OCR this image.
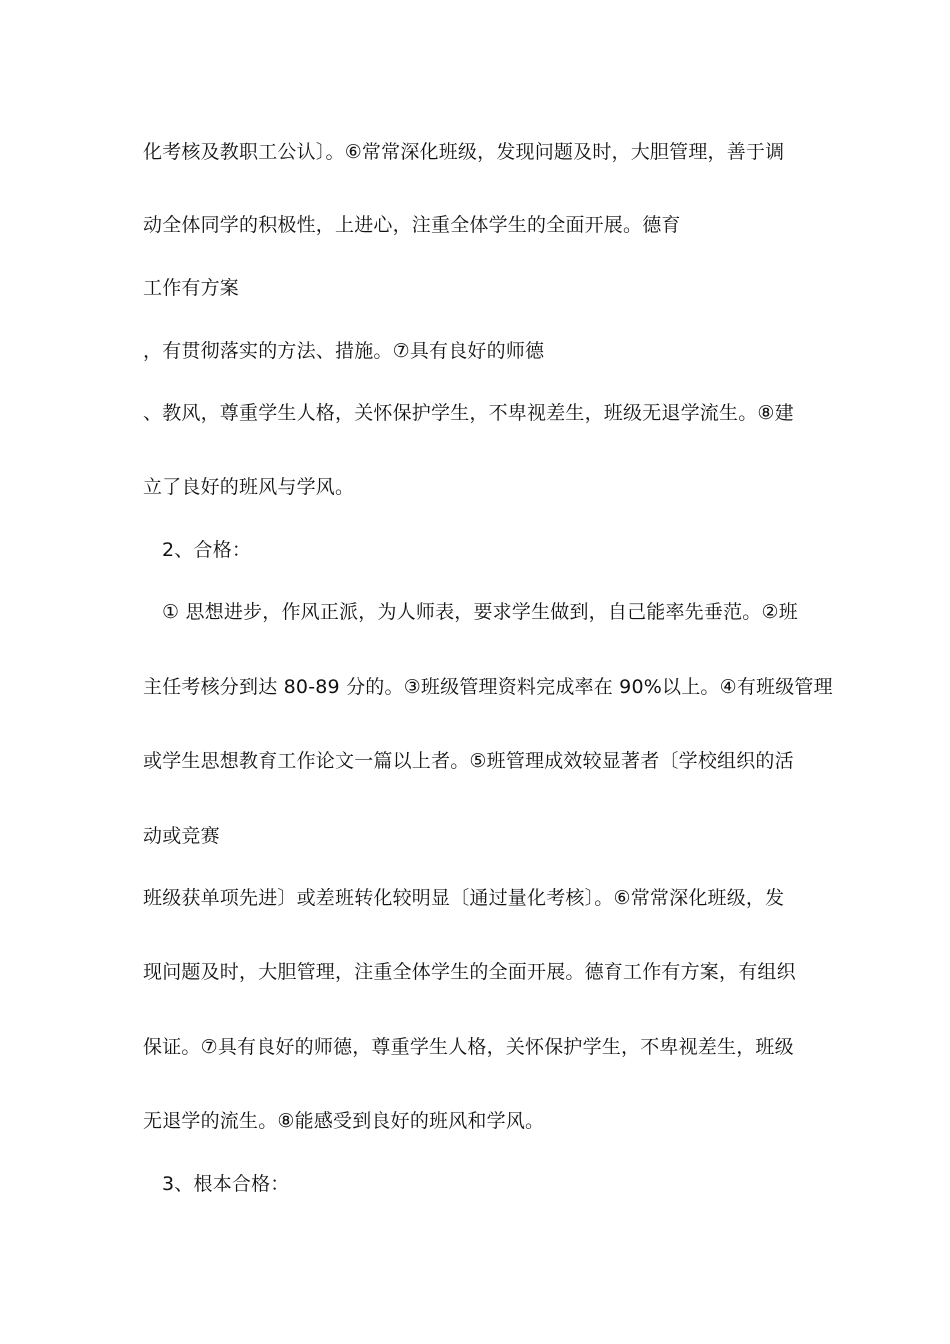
化考核及教职工公认〕。⑥常常深化班级，发现问题及时，大胆管理，善于调
动全体同学的积极性，上进心，注重全体学生的全面开展。德育
工作有方案
，有贯彻落实的方法、措施。⑦具有良好的师德
、教风，尊重学生人格，关怀保护学生，不卑视差生，班级无退学流生。⑧建
立了良好的班风与学风。
2、合格：
① 思想进步，作风正派，为人师表，要求学生做到，自己能率先垂范。②班
主任考核分到达 80-89 分的。③班级管理资料完成率在 90%以上。④有班级管理
或学生思想教育工作论文一篇以上者。⑤班管理成效较显著者〔学校组织的活
动或竞赛
班级获单项先进〕或差班转化较明显〔通过量化考核〕。⑥常常深化班级，发
现问题及时，大胆管理，注重全体学生的全面开展。德育工作有方案，有组织
保证。⑦具有良好的师德，尊重学生人格，关怀保护学生，不卑视差生，班级
无退学的流生。⑧能感受到良好的班风和学风。
3、根本合格：
